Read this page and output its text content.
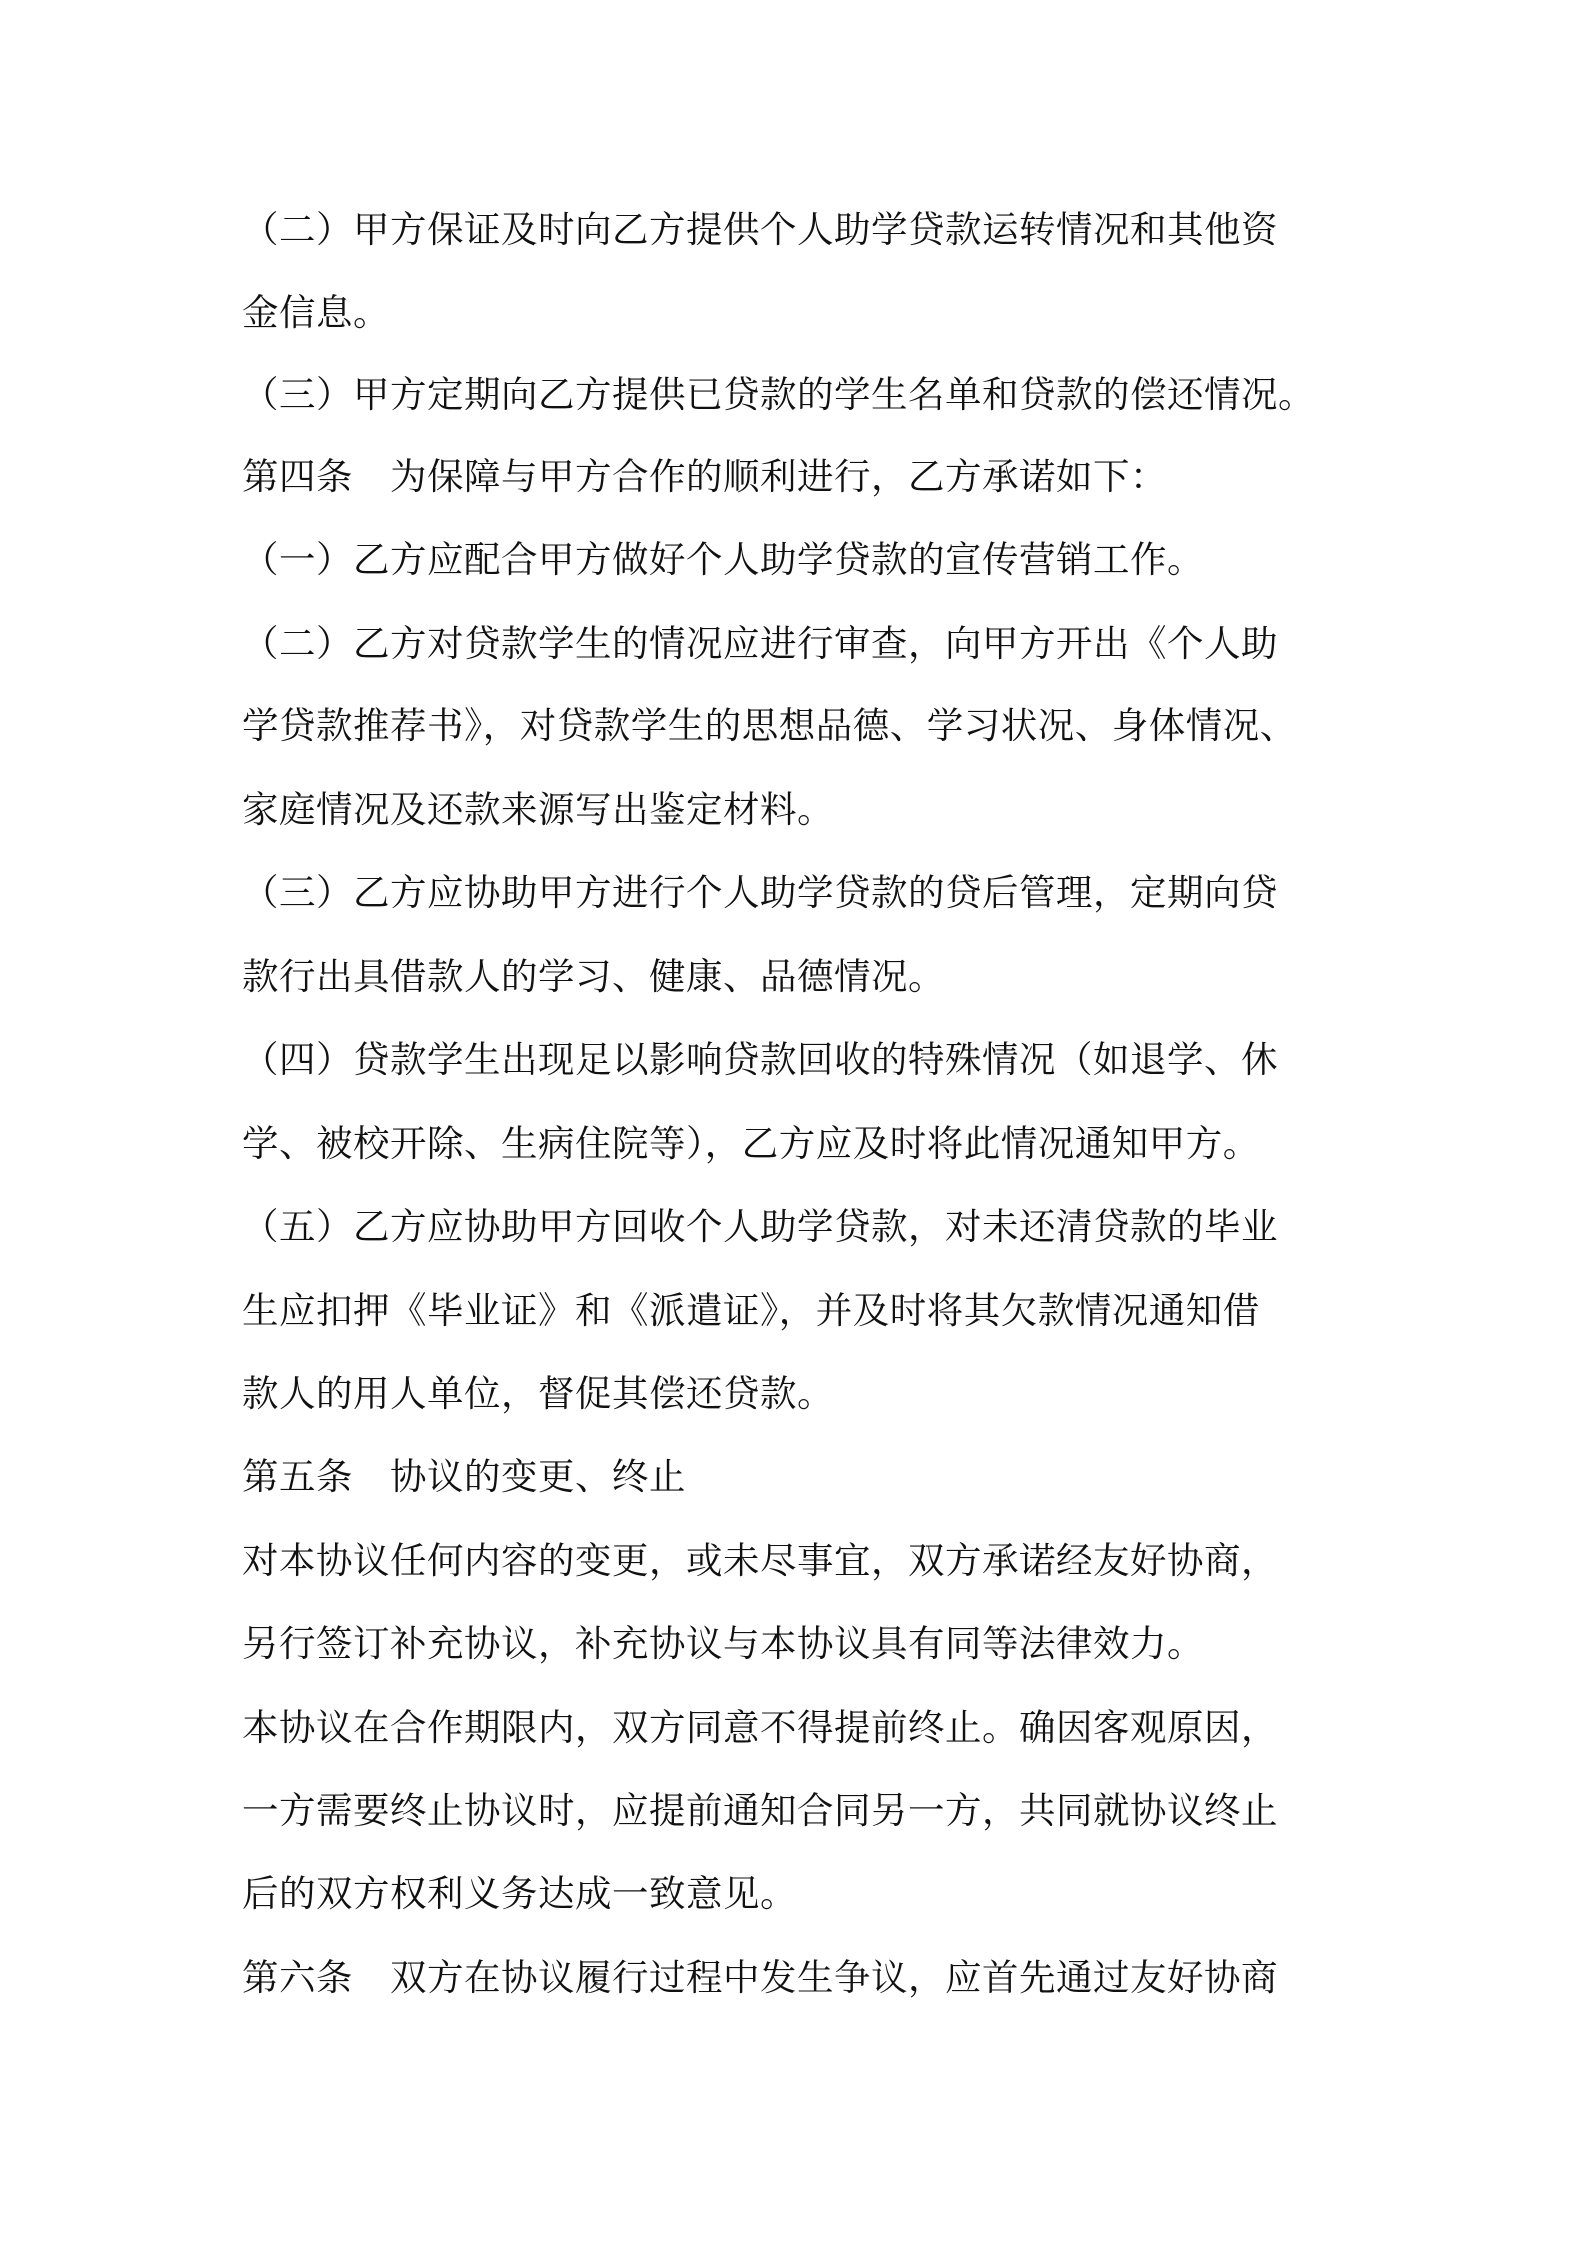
（二）甲方保证及时向乙方提供个人助学贷款运转情况和其他资
金信息。
（三）甲方定期向乙方提供已贷款的学生名单和贷款的偿还情况。
第四条　为保障与甲方合作的顺利进行，乙方承诺如下：
（一）乙方应配合甲方做好个人助学贷款的宣传营销工作。
（二）乙方对贷款学生的情况应进行审查，向甲方开出《个人助
学贷款推荐书》，对贷款学生的思想品德、学习状况、身体情况、
家庭情况及还款来源写出鉴定材料。
（三）乙方应协助甲方进行个人助学贷款的贷后管理，定期向贷
款行出具借款人的学习、健康、品德情况。
（四）贷款学生出现足以影响贷款回收的特殊情况（如退学、休
学、被校开除、生病住院等），乙方应及时将此情况通知甲方。
（五）乙方应协助甲方回收个人助学贷款，对未还清贷款的毕业
生应扣押《毕业证》和《派遣证》，并及时将其欠款情况通知借
款人的用人单位，督促其偿还贷款。
第五条　协议的变更、终止
对本协议任何内容的变更，或未尽事宜，双方承诺经友好协商，
另行签订补充协议，补充协议与本协议具有同等法律效力。
本协议在合作期限内，双方同意不得提前终止。确因客观原因，
一方需要终止协议时，应提前通知合同另一方，共同就协议终止
后的双方权利义务达成一致意见。
第六条　双方在协议履行过程中发生争议，应首先通过友好协商
